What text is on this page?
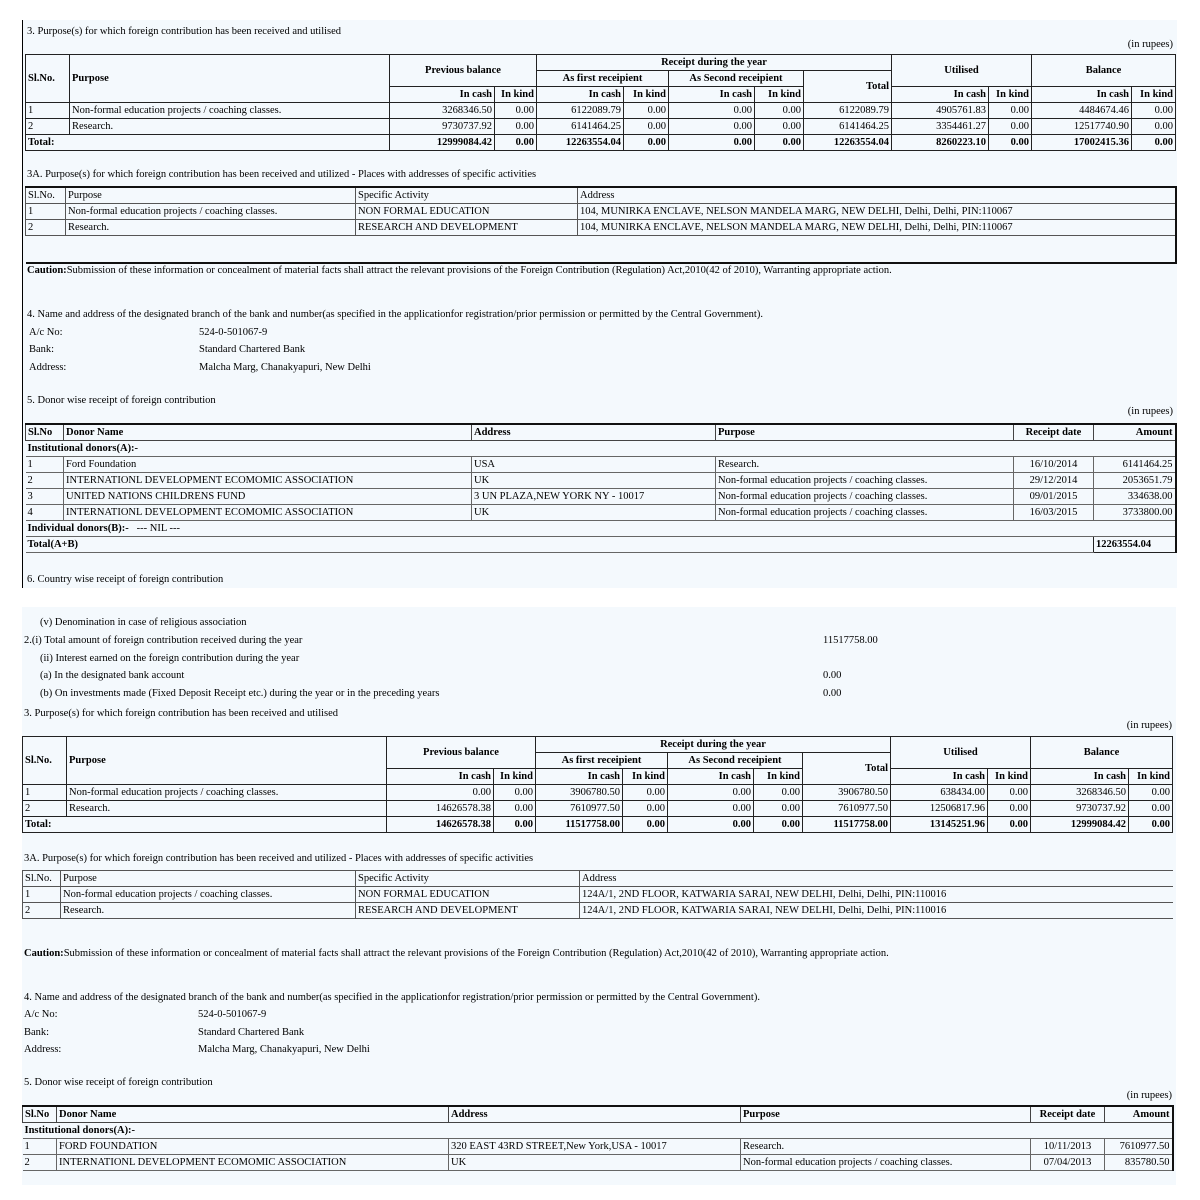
3. Purpose(s) for which foreign contribution has been received and utilised
(in rupees)
Sl.No.	Purpose	Previous balance		Receipt during the year					Utilised		Balance	
				As first receipient		As Second receipient		Total				
		In cash	In kind	In cash	In kind	In cash	In kind		In cash	In kind	In cash	In kind
1	Non-formal education projects / coaching classes.	3268346.50	0.00	6122089.79	0.00	0.00	0.00	6122089.79	4905761.83	0.00	4484674.46	0.00
2	Research.	9730737.92	0.00	6141464.25	0.00	0.00	0.00	6141464.25	3354461.27	0.00	12517740.90	0.00
Total:		12999084.42	0.00	12263554.04	0.00	0.00	0.00	12263554.04	8260223.10	0.00	17002415.36	0.00
3A. Purpose(s) for which foreign contribution has been received and utilized - Places with addresses of specific activities
Sl.No.	Purpose	Specific Activity	Address
1	Non-formal education projects / coaching classes.	NON FORMAL EDUCATION	104, MUNIRKA ENCLAVE, NELSON MANDELA MARG, NEW DELHI, Delhi, Delhi, PIN:110067
2	Research.	RESEARCH AND DEVELOPMENT	104, MUNIRKA ENCLAVE, NELSON MANDELA MARG, NEW DELHI, Delhi, Delhi, PIN:110067

Caution:Submission of these information or concealment of material facts shall attract the relevant provisions of the Foreign Contribution (Regulation) Act,2010(42 of 2010), Warranting appropriate action.
4. Name and address of the designated branch of the bank and number(as specified in the applicationfor registration/prior permission or permitted by the Central Government).
A/c No:	524-0-501067-9
Bank:	Standard Chartered Bank
Address:	Malcha Marg, Chanakyapuri, New Delhi
5. Donor wise receipt of foreign contribution
(in rupees)
Sl.No	Donor Name	Address	Purpose	Receipt date	Amount
Institutional donors(A):-					
1	Ford Foundation	USA	Research.	16/10/2014	6141464.25
2	INTERNATIONL DEVELOPMENT ECOMOMIC ASSOCIATION	UK	Non-formal education projects / coaching classes.	29/12/2014	2053651.79
3	UNITED NATIONS CHILDRENS FUND	3 UN PLAZA,NEW YORK NY - 10017	Non-formal education projects / coaching classes.	09/01/2015	334638.00
4	INTERNATIONL DEVELOPMENT ECOMOMIC ASSOCIATION	UK	Non-formal education projects / coaching classes.	16/03/2015	3733800.00
Individual donors(B):- --- NIL ---					
Total(A+B)					12263554.04
6. Country wise receipt of foreign contribution
(v) Denomination in case of religious association
2.(i) Total amount of foreign contribution received during the year	11517758.00
(ii) Interest earned on the foreign contribution during the year
(a) In the designated bank account	0.00
(b) On investments made (Fixed Deposit Receipt etc.) during the year or in the preceding years	0.00
3. Purpose(s) for which foreign contribution has been received and utilised
(in rupees)
Sl.No.	Purpose	Previous balance		Receipt during the year					Utilised		Balance	
				As first receipient		As Second receipient		Total				
		In cash	In kind	In cash	In kind	In cash	In kind		In cash	In kind	In cash	In kind
1	Non-formal education projects / coaching classes.	0.00	0.00	3906780.50	0.00	0.00	0.00	3906780.50	638434.00	0.00	3268346.50	0.00
2	Research.	14626578.38	0.00	7610977.50	0.00	0.00	0.00	7610977.50	12506817.96	0.00	9730737.92	0.00
Total:		14626578.38	0.00	11517758.00	0.00	0.00	0.00	11517758.00	13145251.96	0.00	12999084.42	0.00
3A. Purpose(s) for which foreign contribution has been received and utilized - Places with addresses of specific activities
Sl.No.	Purpose	Specific Activity	Address
1	Non-formal education projects / coaching classes.	NON FORMAL EDUCATION	124A/1, 2ND FLOOR, KATWARIA SARAI, NEW DELHI, Delhi, Delhi, PIN:110016
2	Research.	RESEARCH AND DEVELOPMENT	124A/1, 2ND FLOOR, KATWARIA SARAI, NEW DELHI, Delhi, Delhi, PIN:110016
Caution:Submission of these information or concealment of material facts shall attract the relevant provisions of the Foreign Contribution (Regulation) Act,2010(42 of 2010), Warranting appropriate action.
4. Name and address of the designated branch of the bank and number(as specified in the applicationfor registration/prior permission or permitted by the Central Government).
A/c No:	524-0-501067-9
Bank:	Standard Chartered Bank
Address:	Malcha Marg, Chanakyapuri, New Delhi
5. Donor wise receipt of foreign contribution
(in rupees)
Sl.No	Donor Name	Address	Purpose	Receipt date	Amount
Institutional donors(A):-					
1	FORD FOUNDATION	320 EAST 43RD STREET,New York,USA - 10017	Research.	10/11/2013	7610977.50
2	INTERNATIONL DEVELOPMENT ECOMOMIC ASSOCIATION	UK	Non-formal education projects / coaching classes.	07/04/2013	835780.50
